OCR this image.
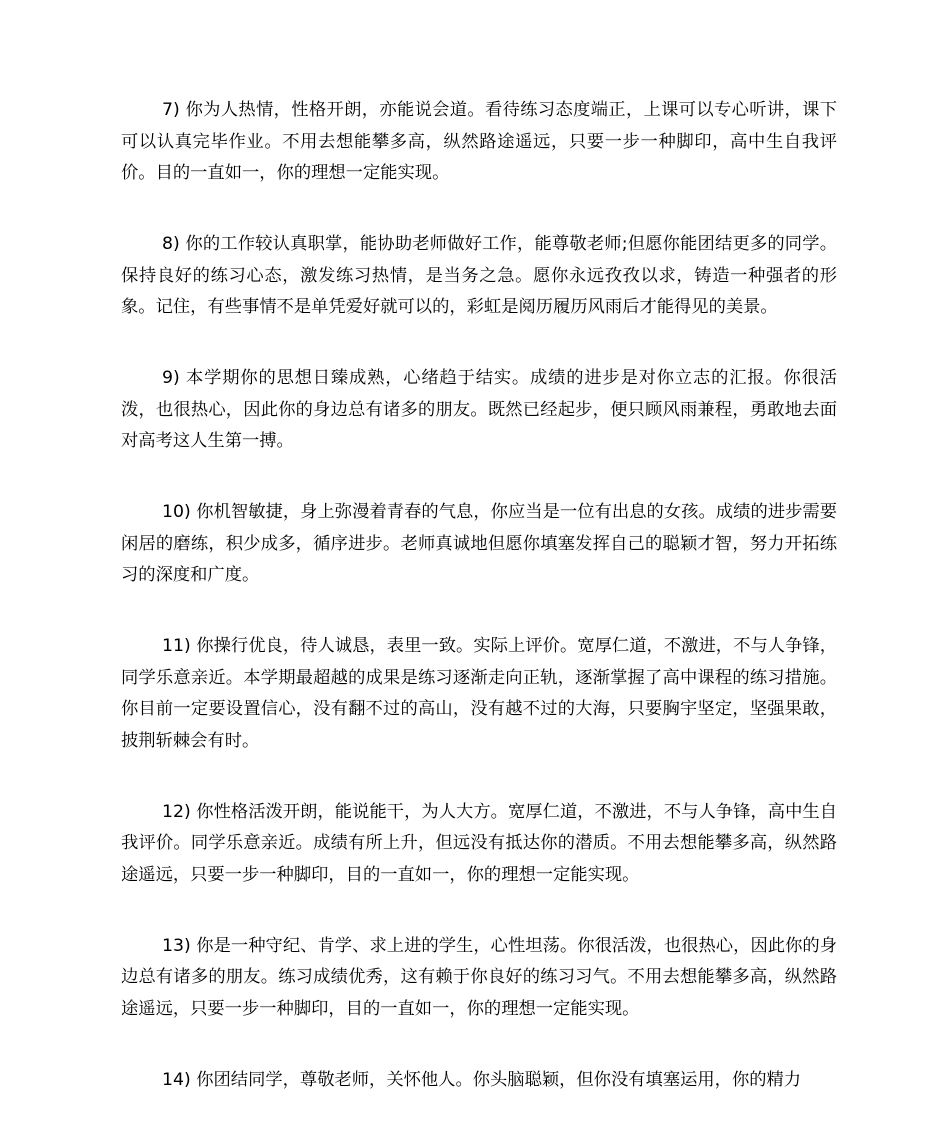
7) 你为人热情，性格开朗，亦能说会道。看待练习态度端正，上课可以专心听讲，课下可以认真完毕作业。不用去想能攀多高，纵然路途遥远，只要一步一种脚印，高中生自我评价。目的一直如一，你的理想一定能实现。

8) 你的工作较认真职掌，能协助老师做好工作，能尊敬老师;但愿你能团结更多的同学。保持良好的练习心态，激发练习热情，是当务之急。愿你永远孜孜以求，铸造一种强者的形象。记住，有些事情不是单凭爱好就可以的，彩虹是阅历履历风雨后才能得见的美景。

9) 本学期你的思想日臻成熟，心绪趋于结实。成绩的进步是对你立志的汇报。你很活泼，也很热心，因此你的身边总有诸多的朋友。既然已经起步，便只顾风雨兼程，勇敢地去面对高考这人生第一搏。

10) 你机智敏捷，身上弥漫着青春的气息，你应当是一位有出息的女孩。成绩的进步需要闲居的磨练，积少成多，循序进步。老师真诚地但愿你填塞发挥自己的聪颖才智，努力开拓练习的深度和广度。

11) 你操行优良，待人诚恳，表里一致。实际上评价。宽厚仁道，不激进，不与人争锋，同学乐意亲近。本学期最超越的成果是练习逐渐走向正轨，逐渐掌握了高中课程的练习措施。你目前一定要设置信心，没有翻不过的高山，没有越不过的大海，只要胸宇坚定，坚强果敢，披荆斩棘会有时。

12) 你性格活泼开朗，能说能干，为人大方。宽厚仁道，不激进，不与人争锋，高中生自我评价。同学乐意亲近。成绩有所上升，但远没有抵达你的潜质。不用去想能攀多高，纵然路途遥远，只要一步一种脚印，目的一直如一，你的理想一定能实现。

13) 你是一种守纪、肯学、求上进的学生，心性坦荡。你很活泼，也很热心，因此你的身边总有诸多的朋友。练习成绩优秀，这有赖于你良好的练习习气。不用去想能攀多高，纵然路途遥远，只要一步一种脚印，目的一直如一，你的理想一定能实现。

14) 你团结同学，尊敬老师，关怀他人。你头脑聪颖，但你没有填塞运用，你的精力
